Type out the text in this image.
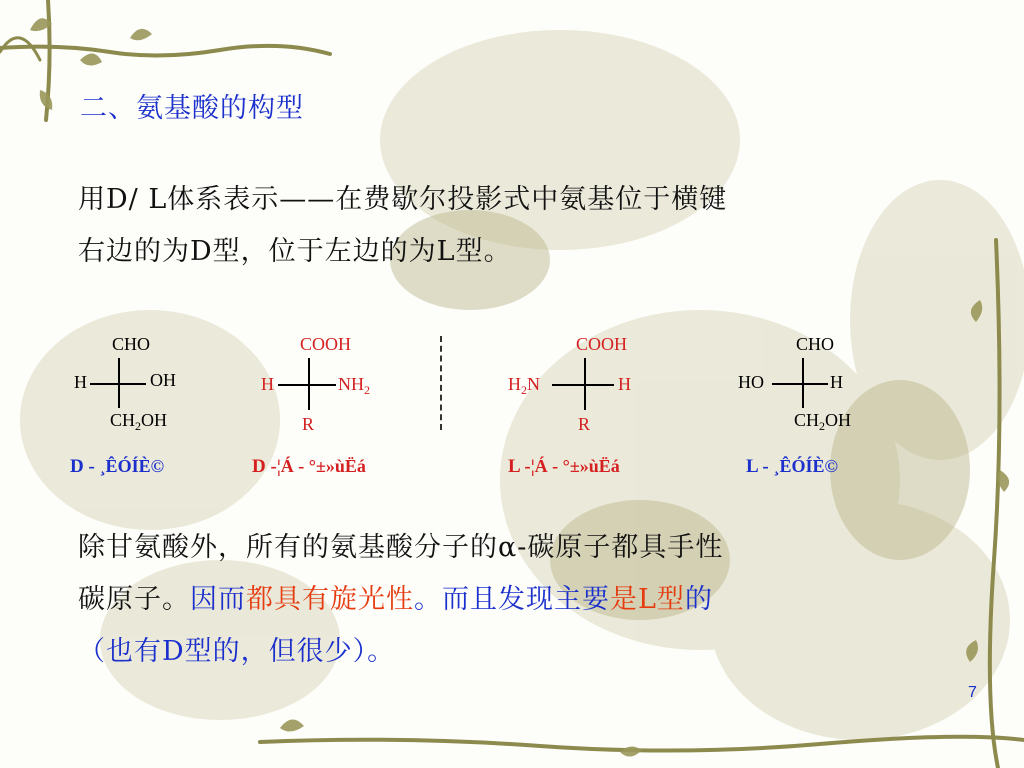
二、氨基酸的构型
用D/ L体系表示——在费歇尔投影式中氨基位于横键
右边的为D型，位于左边的为L型。
CHO
H	OH
$CH_2OH$
D - ¸ÊÓÍÈ©
COOH
H	$NH_2$
R
D -¦Á - °±»ùËá
COOH
$H_2N$	H
R
L -¦Á - °±»ùËá
CHO
HO	H
$CH_2OH$
L - ¸ÊÓÍÈ©
除甘氨酸外，所有的氨基酸分子的α-碳原子都具手性
碳原子。因而都具有旋光性。而且发现主要是L型的
（也有D型的，但很少）。
7
